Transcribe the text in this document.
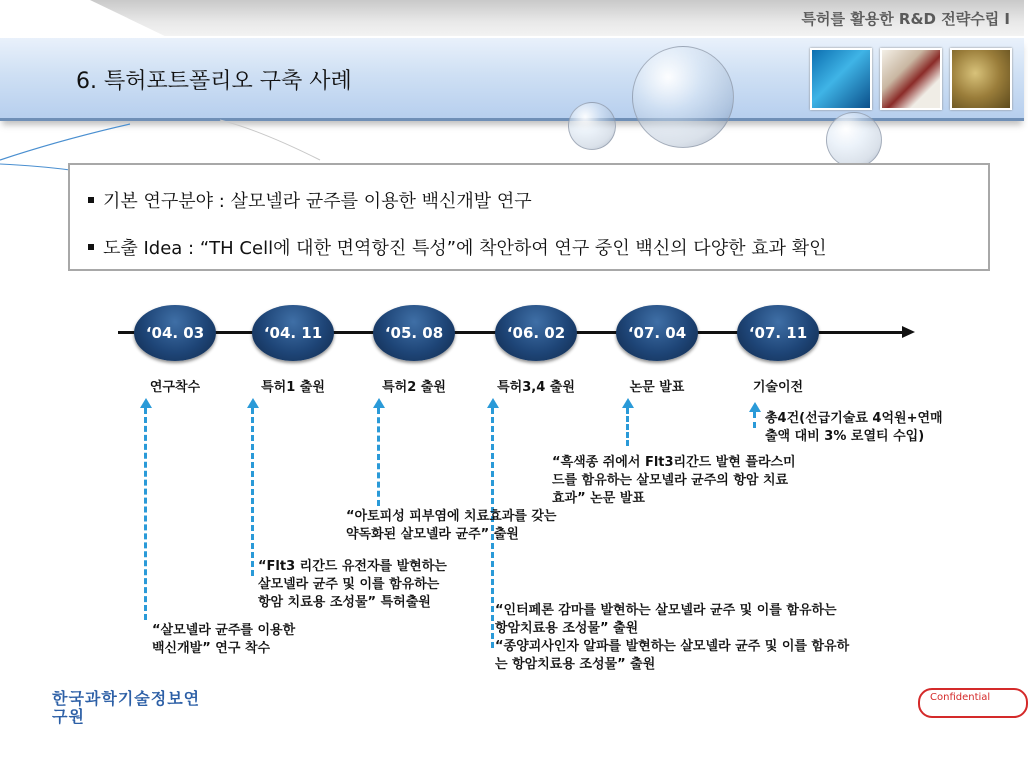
특허를 활용한 R&D 전략수립 I
6. 특허포트폴리오 구축 사례
기본 연구분야 : 살모넬라 균주를 이용한 백신개발 연구
도출 Idea : “TH Cell에 대한 면역항진 특성”에 착안하여 연구 중인 백신의 다양한 효과 확인
‘04. 03	‘04. 11	‘05. 08	‘06. 02	‘07. 04	‘07. 11
연구착수	특허1 출원	특허2 출원	특허3,4 출원	논문 발표	기술이전
“살모넬라 균주를 이용한
백신개발” 연구 착수
“Flt3 리간드 유전자를 발현하는
살모넬라 균주 및 이를 함유하는
항암 치료용 조성물” 특허출원
“아토피성 피부염에 치료효과를 갖는
약독화된 살모넬라 균주” 출원
“인터페론 감마를 발현하는 살모넬라 균주 및 이를 함유하는
항암치료용 조성물” 출원
“종양괴사인자 알파를 발현하는 살모넬라 균주 및 이를 함유하
는 항암치료용 조성물” 출원
“흑색종 쥐에서 Flt3리간드 발현 플라스미
드를 함유하는 살모넬라 균주의 항암 치료
효과” 논문 발표
총4건(선급기술료 4억원+연매
출액 대비 3% 로열티 수입)
한국과학기술정보연구원
Confidential
